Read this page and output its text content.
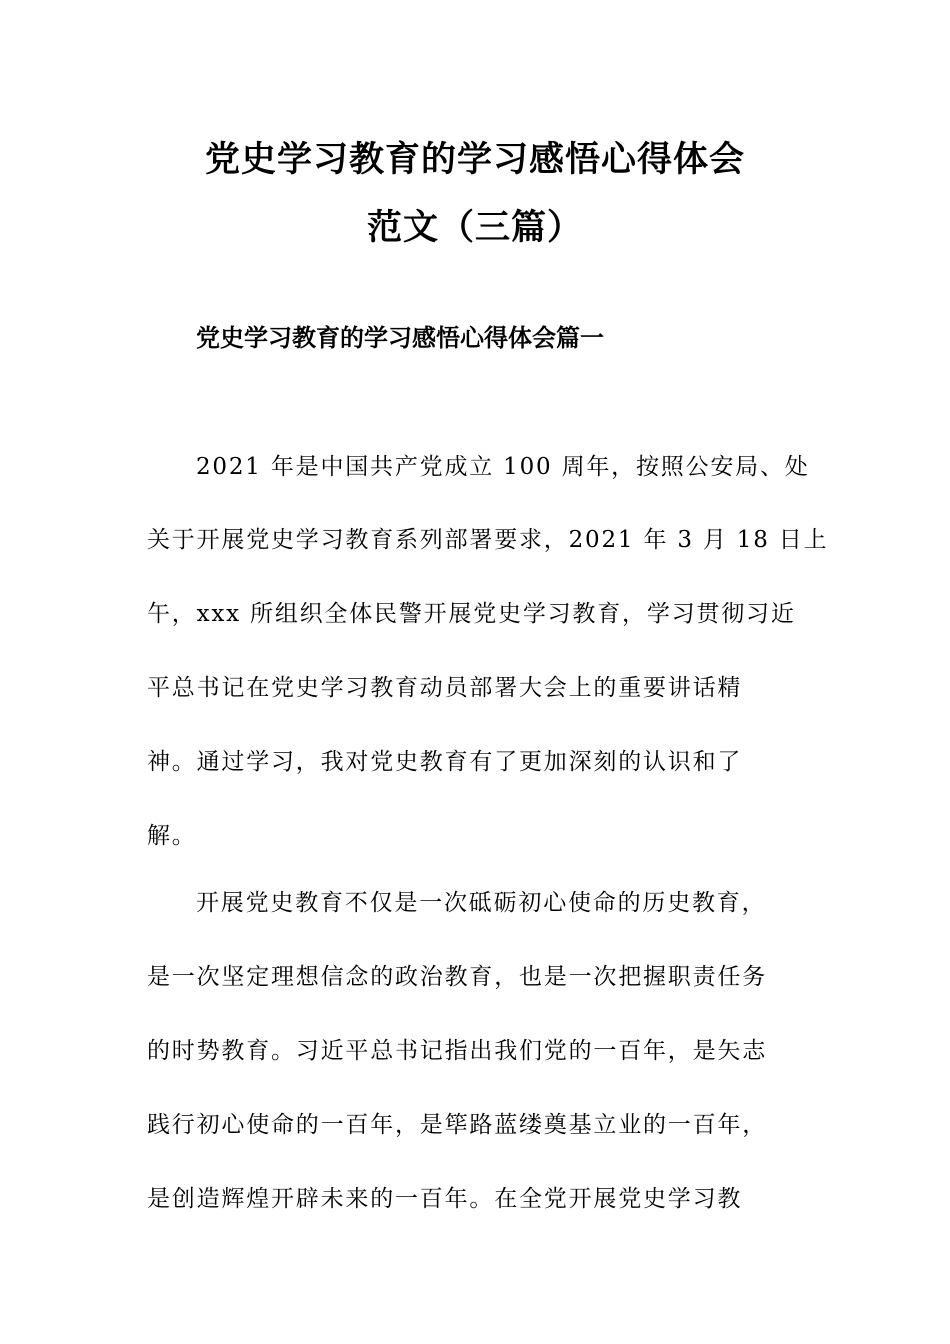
党史学习教育的学习感悟心得体会
范文（三篇）
党史学习教育的学习感悟心得体会篇一
2021 年是中国共产党成立 100 周年，按照公安局、处
关于开展党史学习教育系列部署要求，2021 年 3 月 18 日上
午，xxx 所组织全体民警开展党史学习教育，学习贯彻习近
平总书记在党史学习教育动员部署大会上的重要讲话精
神。通过学习，我对党史教育有了更加深刻的认识和了
解。
开展党史教育不仅是一次砥砺初心使命的历史教育，
是一次坚定理想信念的政治教育，也是一次把握职责任务
的时势教育。习近平总书记指出我们党的一百年，是矢志
践行初心使命的一百年，是筚路蓝缕奠基立业的一百年，
是创造辉煌开辟未来的一百年。在全党开展党史学习教
